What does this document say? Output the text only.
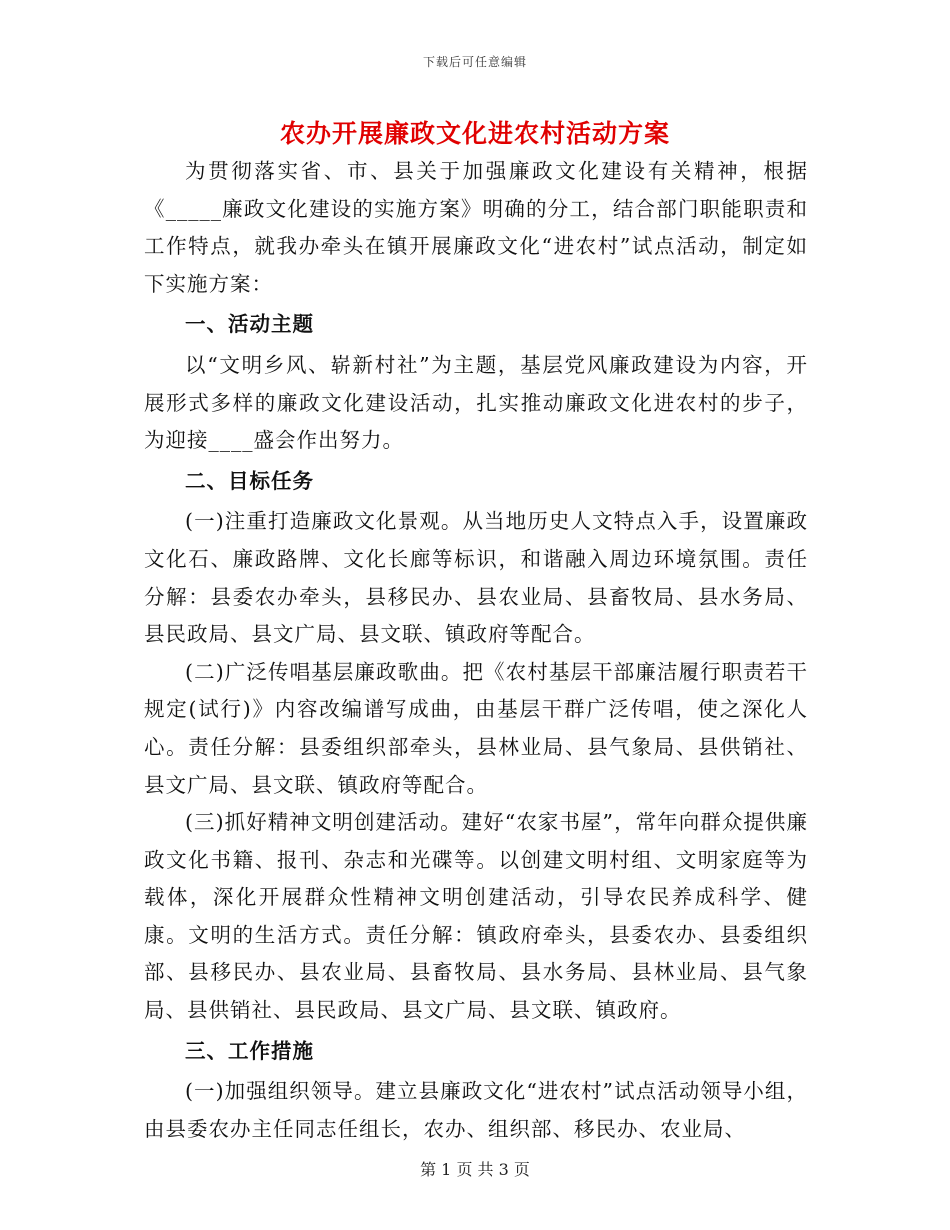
下载后可任意编辑
农办开展廉政文化进农村活动方案

为贯彻落实省、市、县关于加强廉政文化建设有关精神，根据《_____廉政文化建设的实施方案》明确的分工，结合部门职能职责和工作特点，就我办牵头在镇开展廉政文化“进农村”试点活动，制定如下实施方案：

一、活动主题

以“文明乡风、崭新村社”为主题，基层党风廉政建设为内容，开展形式多样的廉政文化建设活动，扎实推动廉政文化进农村的步子，为迎接____盛会作出努力。

二、目标任务

(一)注重打造廉政文化景观。从当地历史人文特点入手，设置廉政文化石、廉政路牌、文化长廊等标识，和谐融入周边环境氛围。责任分解：县委农办牵头，县移民办、县农业局、县畜牧局、县水务局、县民政局、县文广局、县文联、镇政府等配合。

(二)广泛传唱基层廉政歌曲。把《农村基层干部廉洁履行职责若干规定(试行)》内容改编谱写成曲，由基层干群广泛传唱，使之深化人心。责任分解：县委组织部牵头，县林业局、县气象局、县供销社、县文广局、县文联、镇政府等配合。

(三)抓好精神文明创建活动。建好“农家书屋”，常年向群众提供廉政文化书籍、报刊、杂志和光碟等。以创建文明村组、文明家庭等为载体，深化开展群众性精神文明创建活动，引导农民养成科学、健康。文明的生活方式。责任分解：镇政府牵头，县委农办、县委组织部、县移民办、县农业局、县畜牧局、县水务局、县林业局、县气象局、县供销社、县民政局、县文广局、县文联、镇政府。

三、工作措施

(一)加强组织领导。建立县廉政文化“进农村”试点活动领导小组，由县委农办主任同志任组长，农办、组织部、移民办、农业局、

第 1 页 共 3 页
